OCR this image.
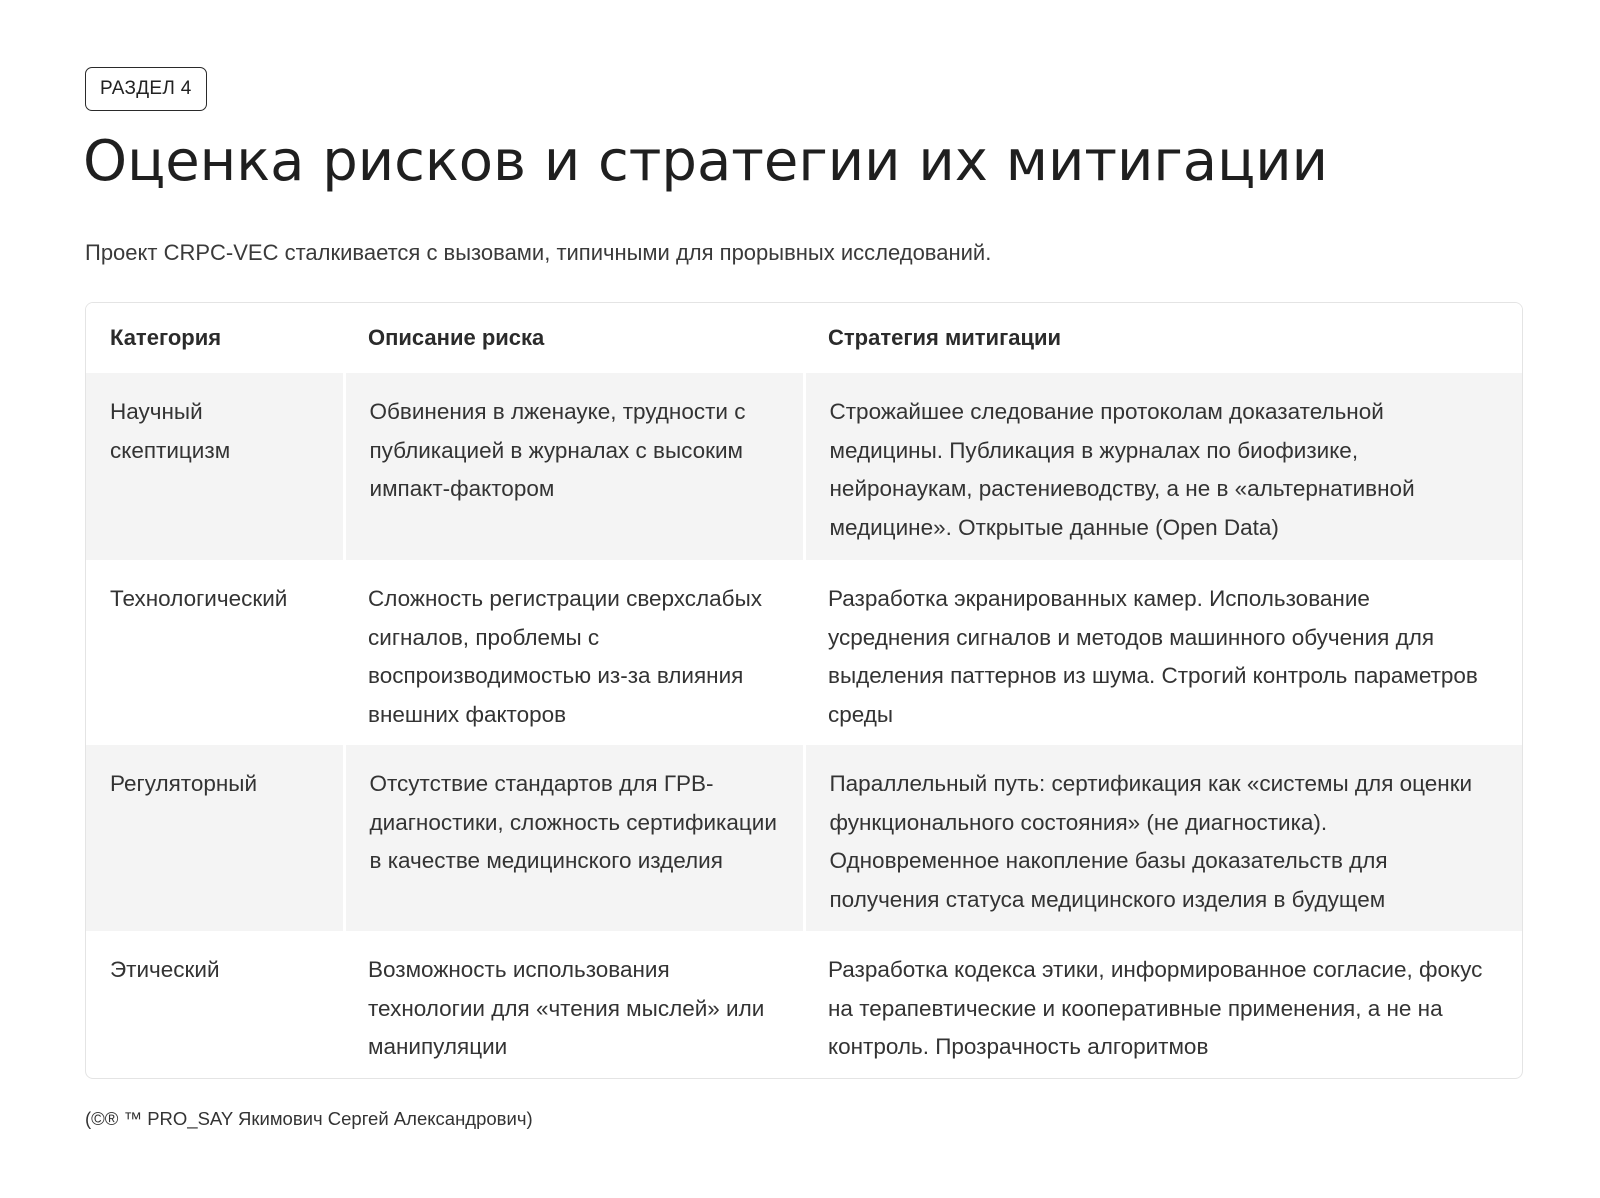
РАЗДЕЛ 4
Оценка рисков и стратегии их митигации

Проект CRPC-VEC сталкивается с вызовами, типичными для прорывных исследований.

Категория	Описание риска	Стратегия митигации
Научный скептицизм	Обвинения в лженауке, трудности с публикацией в журналах с высоким импакт-фактором	Строжайшее следование протоколам доказательной медицины. Публикация в журналах по биофизике, нейронаукам, растениеводству, а не в «альтернативной медицине». Открытые данные (Open Data)
Технологический	Сложность регистрации сверхслабых сигналов, проблемы с воспроизводимостью из-за влияния внешних факторов	Разработка экранированных камер. Использование усреднения сигналов и методов машинного обучения для выделения паттернов из шума. Строгий контроль параметров среды
Регуляторный	Отсутствие стандартов для ГРВ-диагностики, сложность сертификации в качестве медицинского изделия	Параллельный путь: сертификация как «системы для оценки функционального состояния» (не диагностика). Одновременное накопление базы доказательств для получения статуса медицинского изделия в будущем
Этический	Возможность использования технологии для «чтения мыслей» или манипуляции	Разработка кодекса этики, информированное согласие, фокус на терапевтические и кооперативные применения, а не на контроль. Прозрачность алгоритмов

(©® ™ PRO_SAY Якимович Сергей Александрович)
